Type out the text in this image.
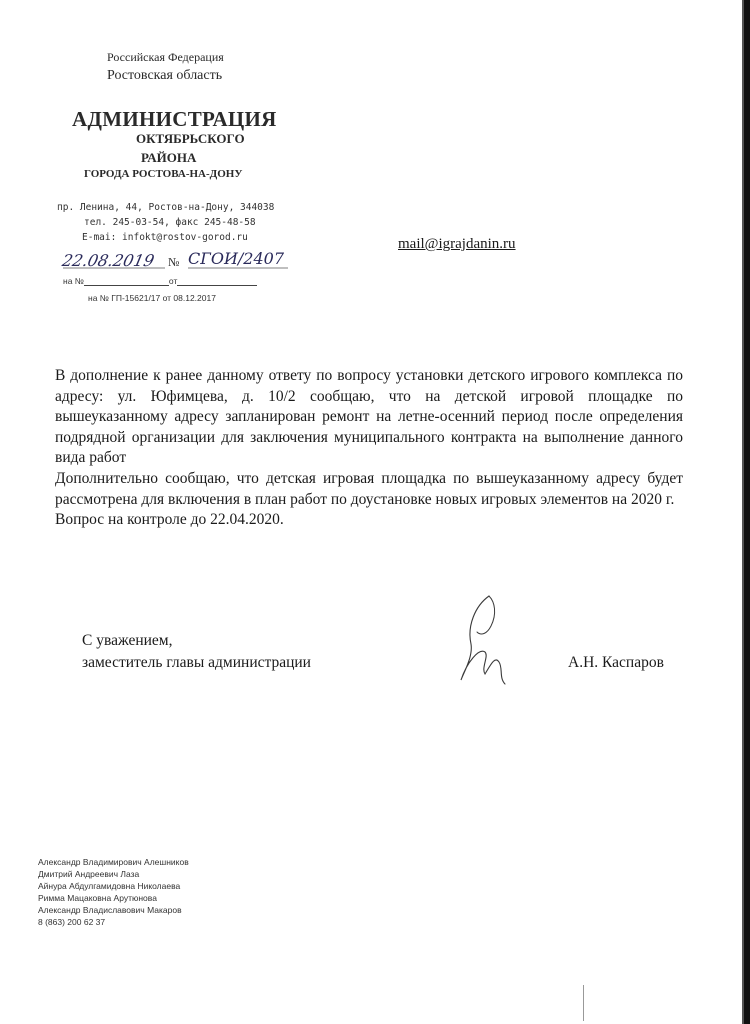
Российская Федерация
Ростовская область
АДМИНИСТРАЦИЯ
ОКТЯБРЬСКОГО
РАЙОНА
ГОРОДА РОСТОВА-НА-ДОНУ
пр. Ленина, 44, Ростов-на-Дону, 344038
тел. 245-03-54, факс 245-48-58
E-mai: infokt@rostov-gorod.ru	mail@igrajdanin.ru
22.08.2019 № СГОИ/2407
на №	от
на № ГП-15621/17 от 08.12.2017

В дополнение к ранее данному ответу по вопросу установки детского игрового комплекса по адресу: ул. Юфимцева, д. 10/2 сообщаю, что на детской игровой площадке по вышеуказанному адресу запланирован ремонт на летне-осенний период после определения подрядной организации для заключения муниципального контракта на выполнение данного вида работ

Дополнительно сообщаю, что детская игровая площадка по вышеуказанному адресу будет рассмотрена для включения в план работ по доустановке новых игровых элементов на 2020 г.

Вопрос на контроле до 22.04.2020.

С уважением,
заместитель главы администрации	А.Н. Каспаров
Александр Владимирович Алешников
Дмитрий Андреевич Лаза
Айнура Абдулгамидовна Николаева
Римма Мацаковна Арутюнова
Александр Владиславович Макаров
8 (863) 200 62 37
